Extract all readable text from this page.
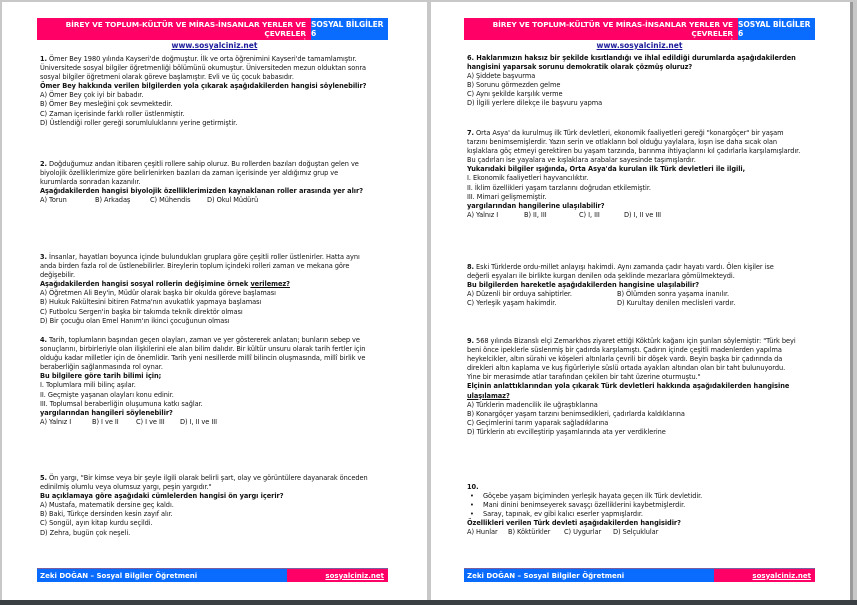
BİREY VE TOPLUM-KÜLTÜR VE MİRAS-İNSANLAR YERLER VE ÇEVRELER
TARAMA TESTİ
SOSYAL BİLGİLER 6
www.sosyalciniz.net

1. Ömer Bey 1980 yılında Kayseri'de doğmuştur. İlk ve orta öğrenimini Kayseri'de tamamlamıştır.

Üniversitede sosyal bilgiler öğretmenliği bölümünü okumuştur. Üniversiteden mezun olduktan sonra

sosyal bilgiler öğretmeni olarak göreve başlamıştır. Evli ve üç çocuk babasıdır.

Ömer Bey hakkında verilen bilgilerden yola çıkarak aşağıdakilerden hangisi söylenebilir?

A) Ömer Bey çok iyi bir babadır.

B) Ömer Bey mesleğini çok sevmektedir.

C) Zaman içerisinde farklı roller üstlenmiştir.

D) Üstlendiği roller gereği sorumluluklarını yerine getirmiştir.

2. Doğduğumuz andan itibaren çeşitli rollere sahip oluruz. Bu rollerden bazıları doğuştan gelen ve

biyolojik özelliklerimize göre belirlenirken bazıları da zaman içerisinde yer aldığımız grup ve

kurumlarda sonradan kazanılır.

Aşağıdakilerden hangisi biyolojik özelliklerimizden kaynaklanan roller arasında yer alır?

A) Torun	B) Arkadaş	C) Mühendis	D) Okul Müdürü

3. İnsanlar, hayatları boyunca içinde bulundukları gruplara göre çeşitli roller üstlenirler. Hatta aynı

anda birden fazla rol de üstlenebilirler. Bireylerin toplum içindeki rolleri zaman ve mekana göre

değişebilir.

Aşağıdakilerden hangisi sosyal rollerin değişimine örnek verilemez?

A) Öğretmen Ali Bey'in, Müdür olarak başka bir okulda göreve başlaması

B) Hukuk Fakültesini bitiren Fatma'nın avukatlık yapmaya başlaması

C) Futbolcu Sergen'in başka bir takımda teknik direktör olması

D) Bir çocuğu olan Emel Hanım'ın ikinci çocuğunun olması

4. Tarih, toplumların başından geçen olayları, zaman ve yer göstererek anlatan; bunların sebep ve

sonuçlarını, birbirleriyle olan ilişkilerini ele alan bilim dalıdır. Bir kültür unsuru olarak tarih fertler için

olduğu kadar milletler için de önemlidir. Tarih yeni nesillerde millî bilincin oluşmasında, millî birlik ve

beraberliğin sağlanmasında rol oynar.

Bu bilgilere göre tarih bilimi için;

I. Toplumlara mili bilinç aşılar.

II. Geçmişte yaşanan olayları konu edinir.

III. Toplumsal beraberliğin oluşumuna katkı sağlar.

yargılarından hangileri söylenebilir?

A) Yalnız I	B) I ve II	C) I ve III	D) I, II ve III

5. Ön yargı, "Bir kimse veya bir şeyle ilgili olarak belirli şart, olay ve görüntülere dayanarak önceden

edinilmiş olumlu veya olumsuz yargı, peşin yargıdır."

Bu açıklamaya göre aşağıdaki cümlelerden hangisi ön yargı içerir?

A) Mustafa, matematik dersine geç kaldı.

B) Baki, Türkçe dersinden kesin zayıf alır.

C) Songül, ayın kitap kurdu seçildi.

D) Zehra, bugün çok neşeli.

Zeki DOĞAN – Sosyal Bilgiler Öğretmeni	sosyalciniz.net
BİREY VE TOPLUM-KÜLTÜR VE MİRAS-İNSANLAR YERLER VE ÇEVRELER
TARAMA TESTİ
SOSYAL BİLGİLER 6
www.sosyalciniz.net

6. Haklarımızın haksız bir şekilde kısıtlandığı ve ihlal edildiği durumlarda aşağıdakilerden

hangisini yaparsak sorunu demokratik olarak çözmüş oluruz?

A) Şiddete başvurma

B) Sorunu görmezden gelme

C) Aynı şekilde karşılık verme

D) İlgili yerlere dilekçe ile başvuru yapma

7. Orta Asya' da kurulmuş ilk Türk devletleri, ekonomik faaliyetleri gereği "konargöçer" bir yaşam

tarzını benimsemişlerdir. Yazın serin ve otlakların bol olduğu yaylalara, kışın ise daha sıcak olan

kışlaklara göç etmeyi gerektiren bu yaşam tarzında, barınma ihtiyaçlarını kıl çadırlarla karşılamışlardır.

Bu çadırları ise yayalara ve kışlaklara arabalar sayesinde taşımışlardır.

Yukarıdaki bilgiler ışığında, Orta Asya'da kurulan ilk Türk devletleri ile ilgili,

I. Ekonomik faaliyetleri hayvancılıktır.

II. İklim özellikleri yaşam tarzlarını doğrudan etkilemiştir.

III. Mimari gelişmemiştir.

yargılarından hangilerine ulaşılabilir?

A) Yalnız I	B) II, III	C) I, III	D) I, II ve III

8. Eski Türklerde ordu-millet anlayışı hakimdi. Aynı zamanda çadır hayatı vardı. Ölen kişiler ise

değerli eşyaları ile birlikte kurgan denilen oda şeklinde mezarlara gömülmekteydi.

Bu bilgilerden hareketle aşağıdakilerden hangisine ulaşılabilir?

A) Düzenli bir orduya sahiptirler.	B) Ölümden sonra yaşama inanılır.
C) Yerleşik yaşam hakimdir.	D) Kurultay denilen meclisleri vardır.

9. 568 yılında Bizanslı elçi Zemarkhos ziyaret ettiği Köktürk kağanı için şunları söylemiştir: "Türk beyi

beni önce ipeklerle süslenmiş bir çadırda karşılamıştı. Çadırın içinde çeşitli madenlerden yapılma

heykelcikler, altın sürahi ve köşeleri altınlarla çevrili bir döşek vardı. Beyin başka bir çadırında da

direkleri altın kaplama ve kuş figürleriyle süslü ortada ayakları altından olan bir taht bulunuyordu.

Yine bir merasimde atlar tarafından çekilen bir taht üzerine oturmuştu."

Elçinin anlattıklarından yola çıkarak Türk devletleri hakkında aşağıdakilerden hangisine

ulaşılamaz?

A) Türklerin madencilik ile uğraştıklarına

B) Konargöçer yaşam tarzını benimsedikleri, çadırlarda kaldıklarına

C) Geçimlerini tarım yaparak sağladıklarına

D) Türklerin atı evcilleştirip yaşamlarında ata yer verdiklerine

10.

•	Göçebe yaşam biçiminden yerleşik hayata geçen ilk Türk devletidir.
•	Mani dinini benimseyerek savaşçı özelliklerini kaybetmişlerdir.
•	Saray, tapınak, ev gibi kalıcı eserler yapmışlardır.

Özellikleri verilen Türk devleti aşağıdakilerden hangisidir?

A) Hunlar	B) Köktürkler	C) Uygurlar	D) Selçuklular
Zeki DOĞAN – Sosyal Bilgiler Öğretmeni	sosyalciniz.net
